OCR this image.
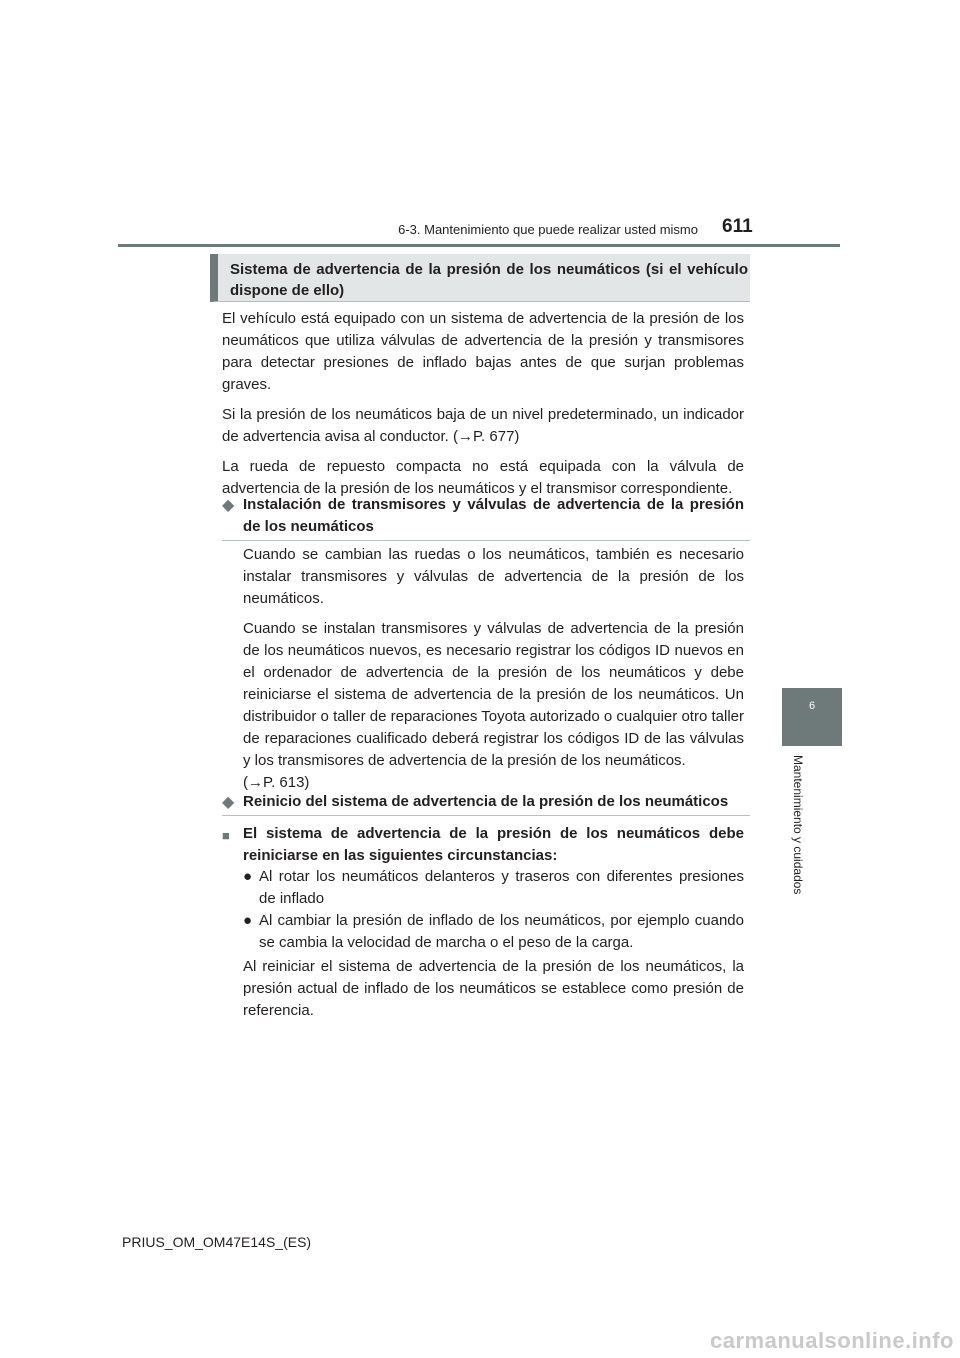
6-3. Mantenimiento que puede realizar usted mismo 611
6
Mantenimiento y cuidados
Sistema de advertencia de la presión de los neumáticos (si el vehículo dispone de ello)

El vehículo está equipado con un sistema de advertencia de la presión de los neumáticos que utiliza válvulas de advertencia de la presión y transmisores para detectar presiones de inflado bajas antes de que surjan problemas graves.

Si la presión de los neumáticos baja de un nivel predeterminado, un indicador de advertencia avisa al conductor. (→P. 677)

La rueda de repuesto compacta no está equipada con la válvula de advertencia de la presión de los neumáticos y el transmisor correspondiente.

◆ Instalación de transmisores y válvulas de advertencia de la presión de los neumáticos

Cuando se cambian las ruedas o los neumáticos, también es necesario instalar transmisores y válvulas de advertencia de la presión de los neumáticos.

Cuando se instalan transmisores y válvulas de advertencia de la presión de los neumáticos nuevos, es necesario registrar los códigos ID nuevos en el ordenador de advertencia de la presión de los neumáticos y debe reiniciarse el sistema de advertencia de la presión de los neumáticos. Un distribuidor o taller de reparaciones Toyota autorizado o cualquier otro taller de reparaciones cualificado deberá registrar los códigos ID de las válvulas y los transmisores de advertencia de la presión de los neumáticos.

(→P. 613)

◆ Reinicio del sistema de advertencia de la presión de los neumáticos
■ El sistema de advertencia de la presión de los neumáticos debe reiniciarse en las siguientes circunstancias:
● Al rotar los neumáticos delanteros y traseros con diferentes presiones de inflado
● Al cambiar la presión de inflado de los neumáticos, por ejemplo cuando se cambia la velocidad de marcha o el peso de la carga.

Al reiniciar el sistema de advertencia de la presión de los neumáticos, la presión actual de inflado de los neumáticos se establece como presión de referencia.

PRIUS_OM_OM47E14S_(ES)
carmanualsonline.info
